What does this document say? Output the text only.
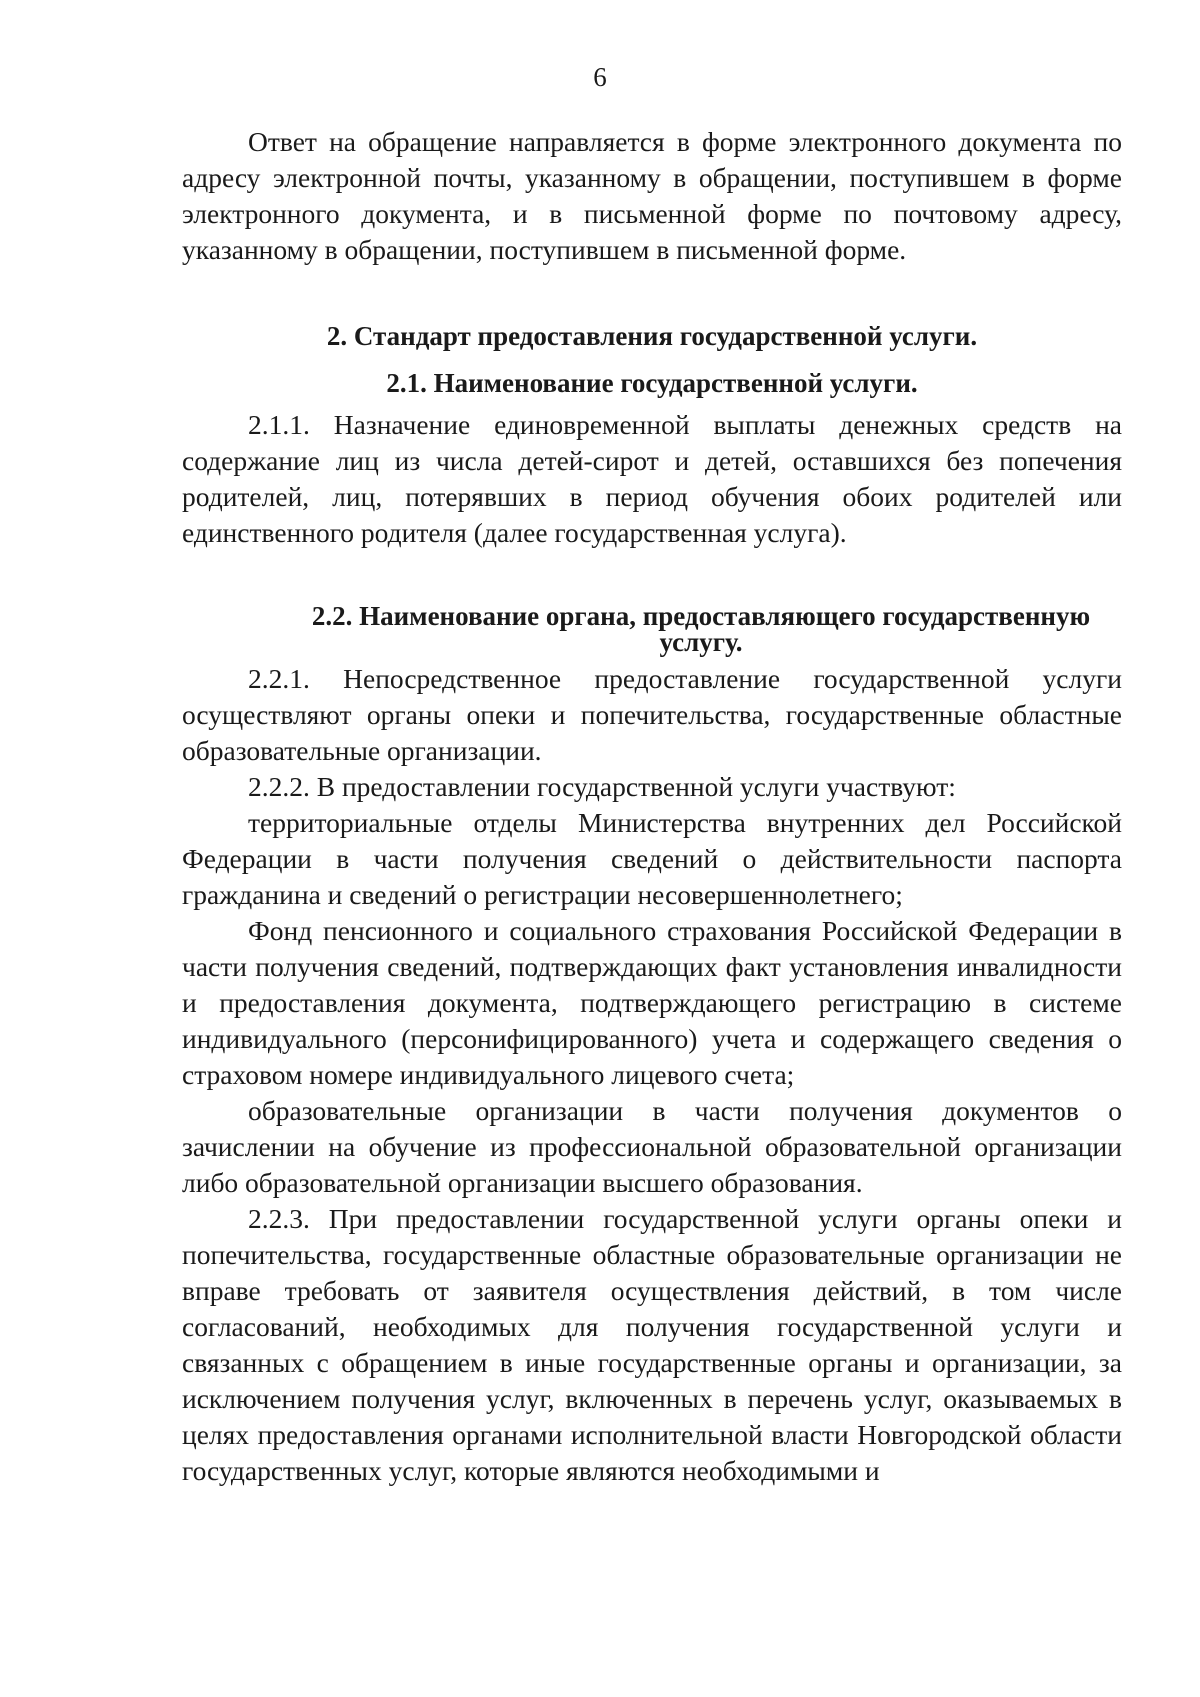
6

Ответ на обращение направляется в форме электронного документа по адресу электронной почты, указанному в обращении, поступившем в форме электронного документа, и в письменной форме по почтовому адресу, указанному в обращении, поступившем в письменной форме.

2. Стандарт предоставления государственной услуги.

2.1. Наименование государственной услуги.

2.1.1. Назначение единовременной выплаты денежных средств на содержание лиц из числа детей-сирот и детей, оставшихся без попечения родителей, лиц, потерявших в период обучения обоих родителей или единственного родителя (далее государственная услуга).

2.2. Наименование органа, предоставляющего государственную услугу.

2.2.1. Непосредственное предоставление государственной услуги осуществляют органы опеки и попечительства, государственные областные образовательные организации.

2.2.2. В предоставлении государственной услуги участвуют:

территориальные отделы Министерства внутренних дел Российской Федерации в части получения сведений о действительности паспорта гражданина и сведений о регистрации несовершеннолетнего;

Фонд пенсионного и социального страхования Российской Федерации в части получения сведений, подтверждающих факт установления инвалидности и предоставления документа, подтверждающего регистрацию в системе индивидуального (персонифицированного) учета и содержащего сведения о страховом номере индивидуального лицевого счета;

образовательные организации в части получения документов о зачислении на обучение из профессиональной образовательной организации либо образовательной организации высшего образования.

2.2.3. При предоставлении государственной услуги органы опеки и попечительства, государственные областные образовательные организации не вправе требовать от заявителя осуществления действий, в том числе согласований, необходимых для получения государственной услуги и связанных с обращением в иные государственные органы и организации, за исключением получения услуг, включенных в перечень услуг, оказываемых в целях предоставления органами исполнительной власти Новгородской области государственных услуг, которые являются необходимыми и
